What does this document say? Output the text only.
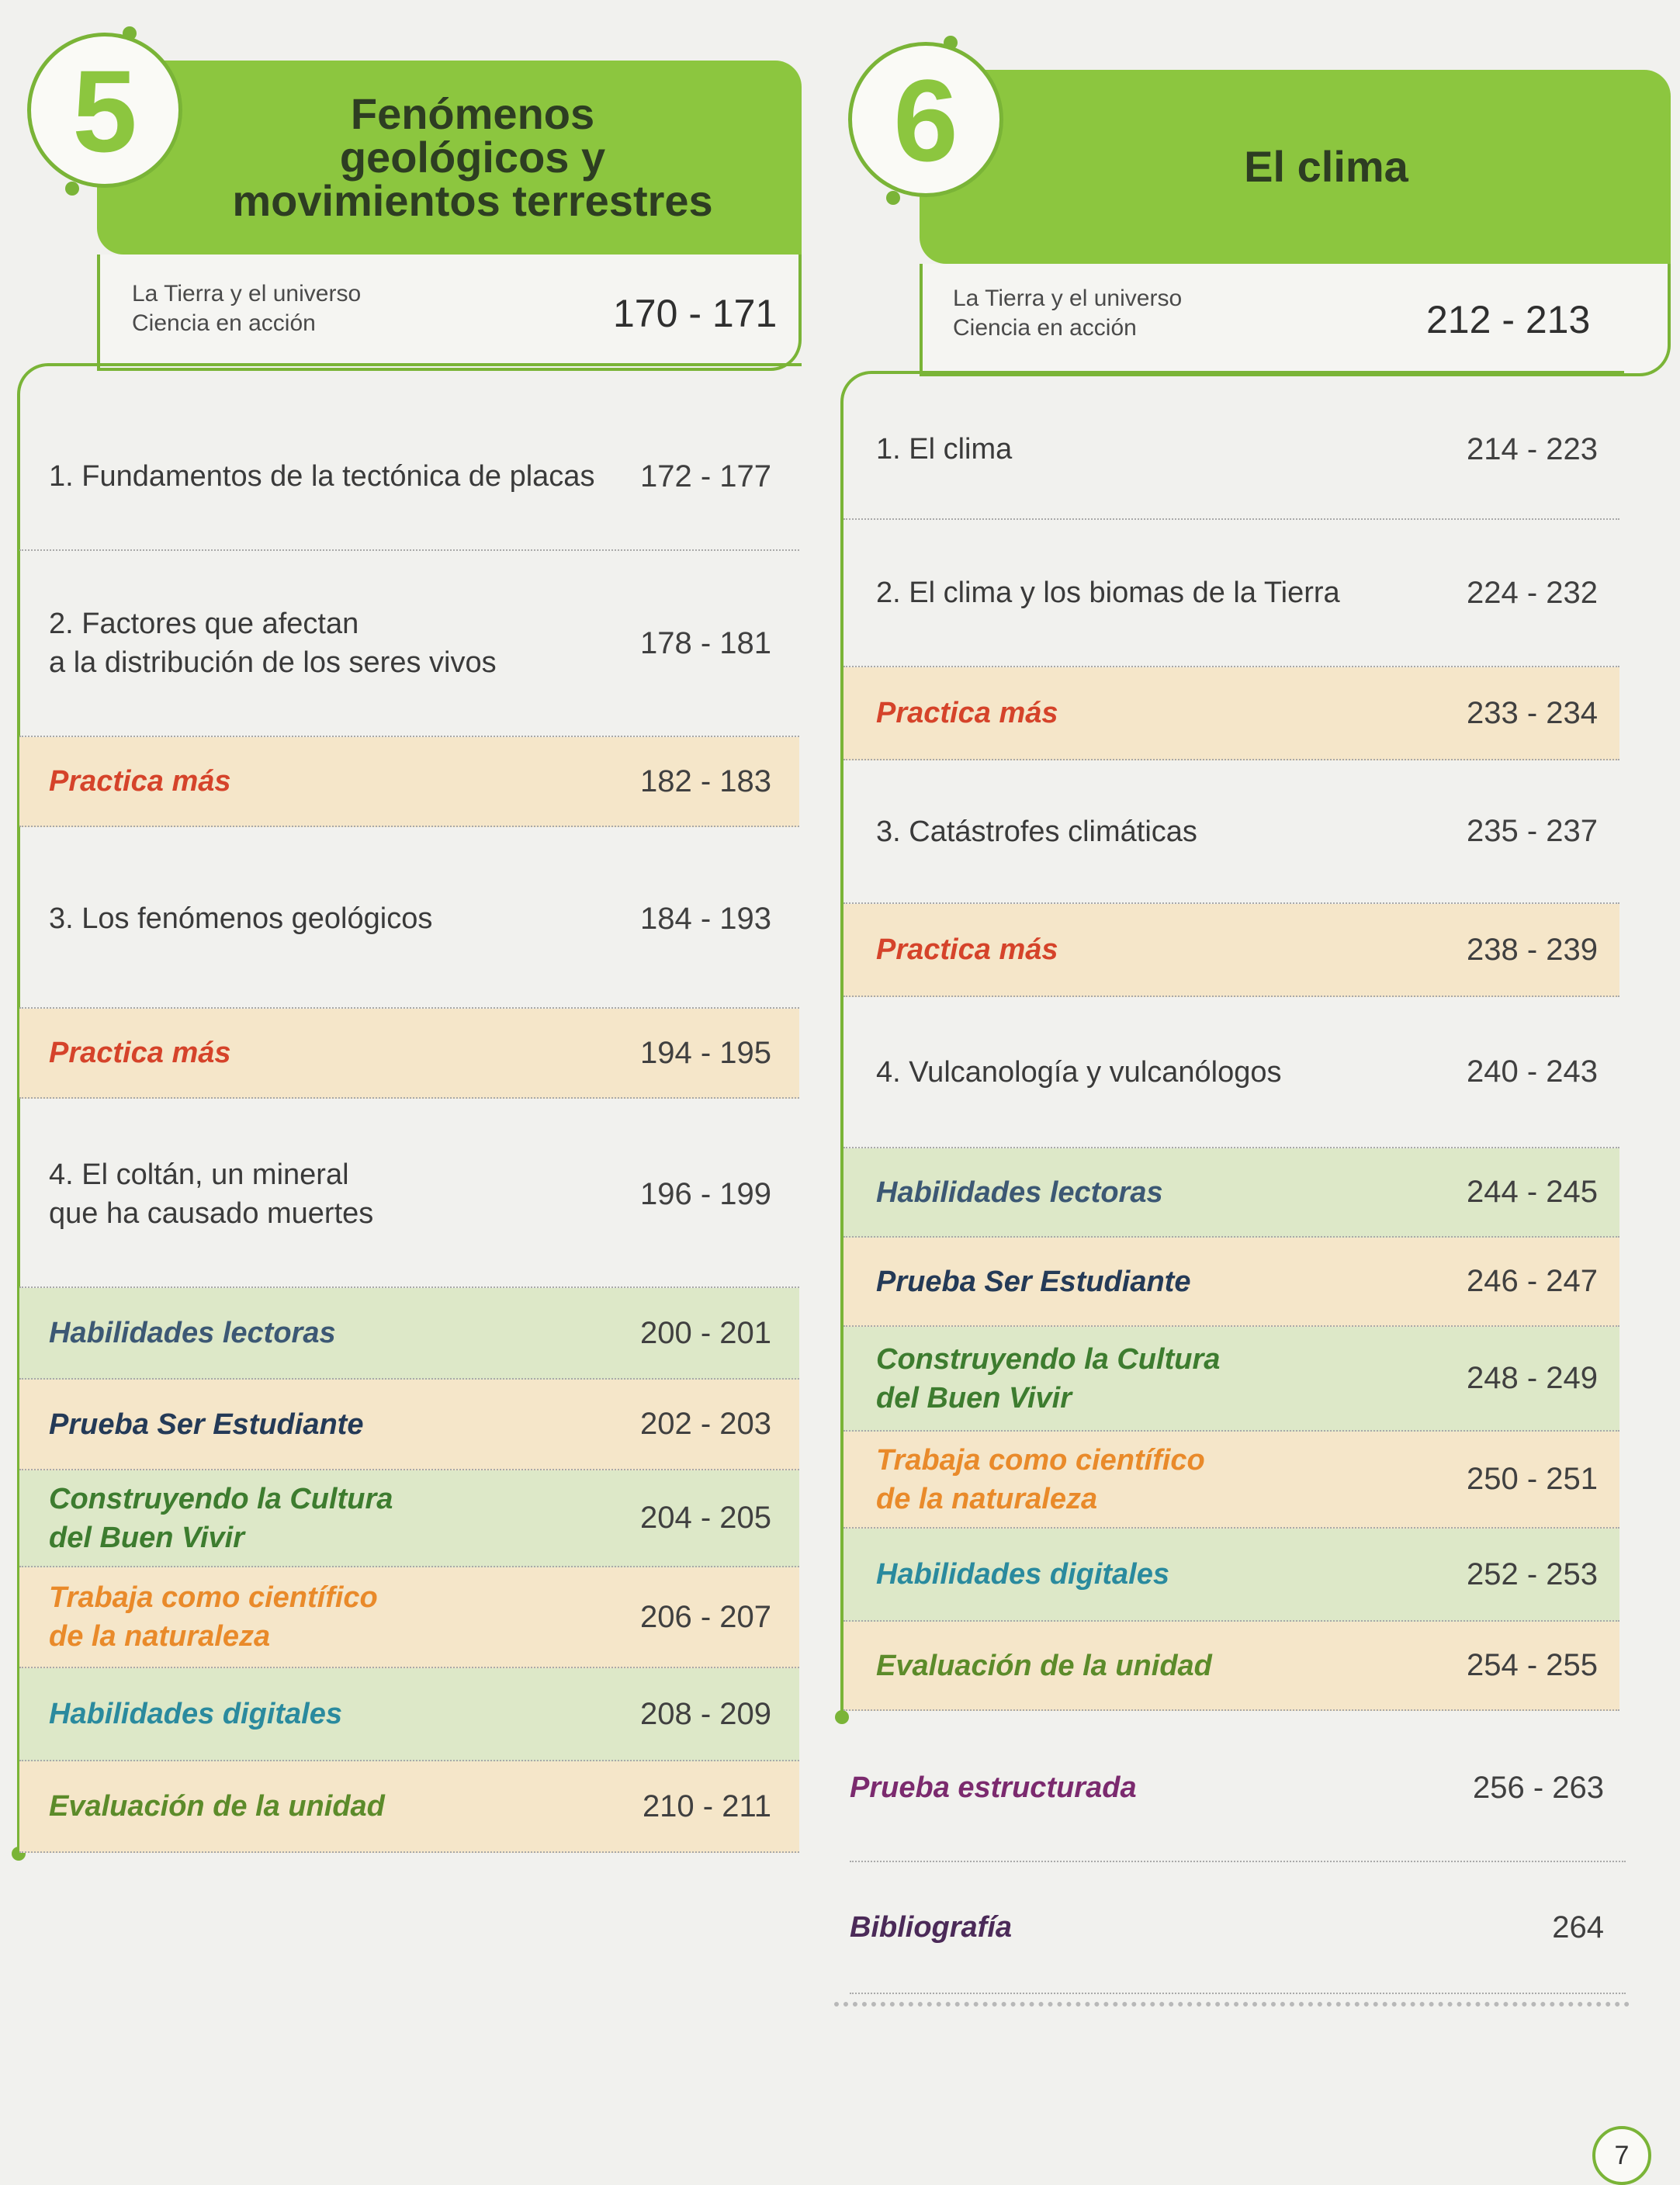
Fenómenos
geológicos y
movimientos terrestres
5
La Tierra y el universo
Ciencia en acción	170 - 171
1. Fundamentos de la tectónica de placas	172 - 177
2. Factores que afectan
a la distribución de los seres vivos
178 - 181
Practica más	182 - 183
3. Los fenómenos geológicos	184 - 193
Practica más	194 - 195
4. El coltán, un mineral
que ha causado muertes
196 - 199
Habilidades lectoras	200 - 201
Prueba Ser Estudiante	202 - 203
Construyendo la Cultura
del Buen Vivir
204 - 205
Trabaja como científico
de la naturaleza
206 - 207
Habilidades digitales	208 - 209
Evaluación de la unidad	210 - 211
El clima
6
La Tierra y el universo
Ciencia en acción	212 - 213
1. El clima	214 - 223
2. El clima y los biomas de la Tierra	224 - 232
Practica más	233 - 234
3. Catástrofes climáticas	235 - 237
Practica más	238 - 239
4. Vulcanología y vulcanólogos	240 - 243
Habilidades lectoras	244 - 245
Prueba Ser Estudiante	246 - 247
Construyendo la Cultura
del Buen Vivir
248 - 249
Trabaja como científico
de la naturaleza
250 - 251
Habilidades digitales	252 - 253
Evaluación de la unidad	254 - 255
Prueba estructurada	256 - 263
Bibliografía	264
7
